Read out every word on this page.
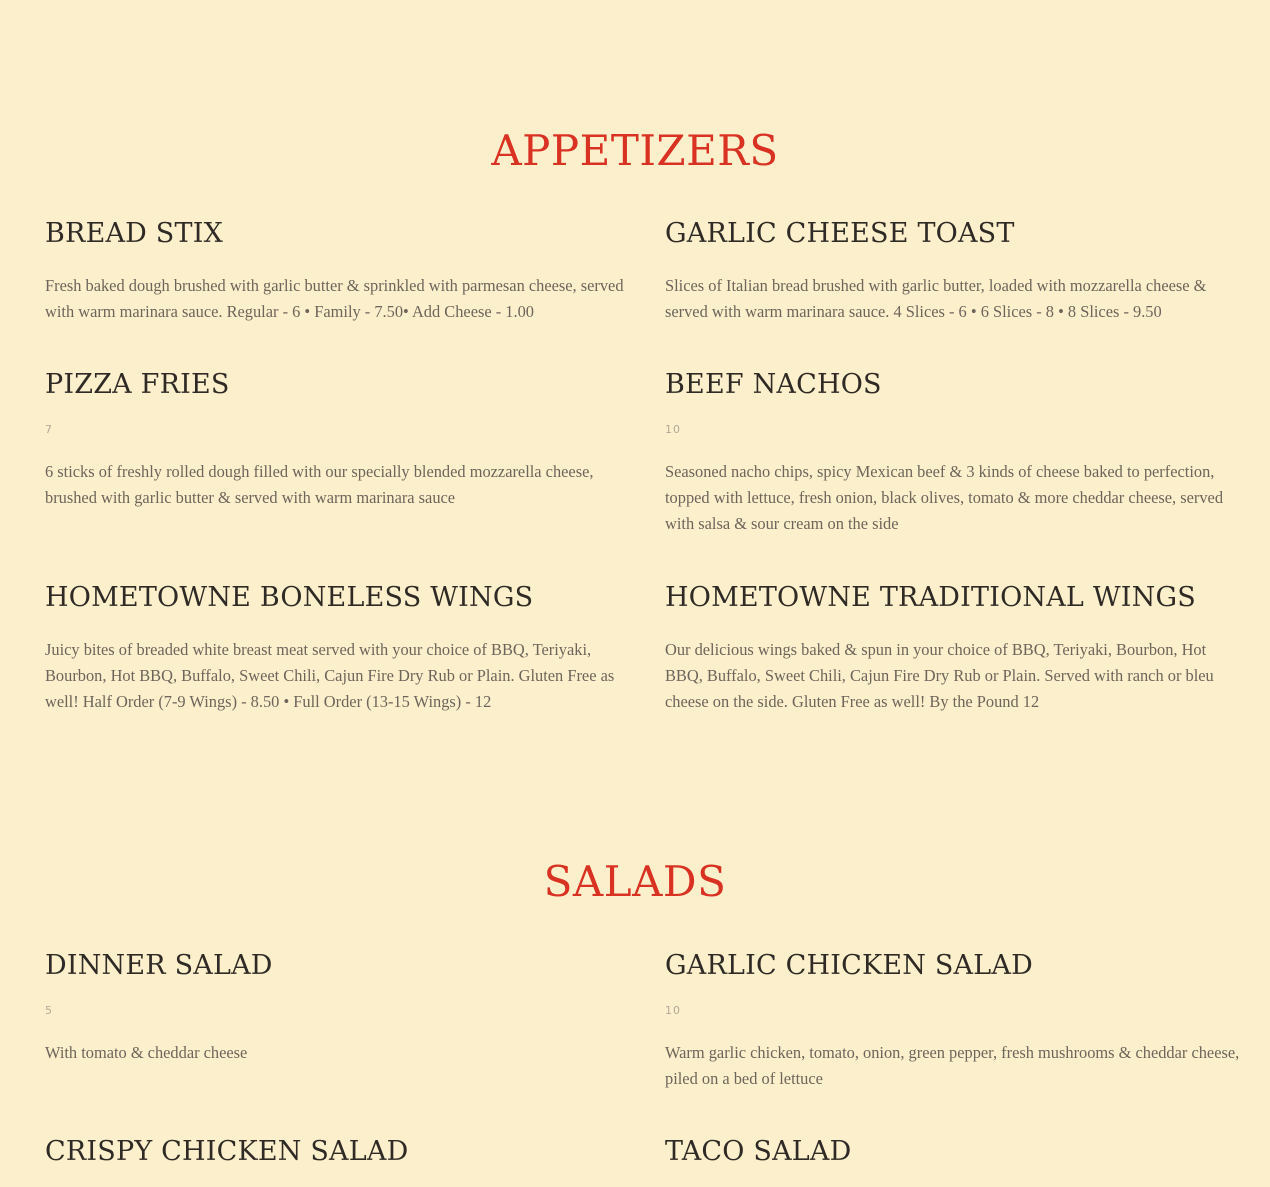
APPETIZERS
BREAD STIX

Fresh baked dough brushed with garlic butter & sprinkled with parmesan cheese, served with warm marinara sauce. Regular - 6 • Family - 7.50• Add Cheese - 1.00

GARLIC CHEESE TOAST

Slices of Italian bread brushed with garlic butter, loaded with mozzarella cheese & served with warm marinara sauce. 4 Slices - 6 • 6 Slices - 8 • 8 Slices - 9.50

PIZZA FRIES
7

6 sticks of freshly rolled dough filled with our specially blended mozzarella cheese, brushed with garlic butter & served with warm marinara sauce

BEEF NACHOS
10

Seasoned nacho chips, spicy Mexican beef & 3 kinds of cheese baked to perfection, topped with lettuce, fresh onion, black olives, tomato & more cheddar cheese, served with salsa & sour cream on the side

HOMETOWNE BONELESS WINGS

Juicy bites of breaded white breast meat served with your choice of BBQ, Teriyaki, Bourbon, Hot BBQ, Buffalo, Sweet Chili, Cajun Fire Dry Rub or Plain. Gluten Free as well! Half Order (7-9 Wings) - 8.50 • Full Order (13-15 Wings) - 12

HOMETOWNE TRADITIONAL WINGS

Our delicious wings baked & spun in your choice of BBQ, Teriyaki, Bourbon, Hot BBQ, Buffalo, Sweet Chili, Cajun Fire Dry Rub or Plain. Served with ranch or bleu cheese on the side. Gluten Free as well! By the Pound 12

SALADS
DINNER SALAD
5

With tomato & cheddar cheese

GARLIC CHICKEN SALAD
10

Warm garlic chicken, tomato, onion, green pepper, fresh mushrooms & cheddar cheese, piled on a bed of lettuce

CRISPY CHICKEN SALAD	TACO SALAD
